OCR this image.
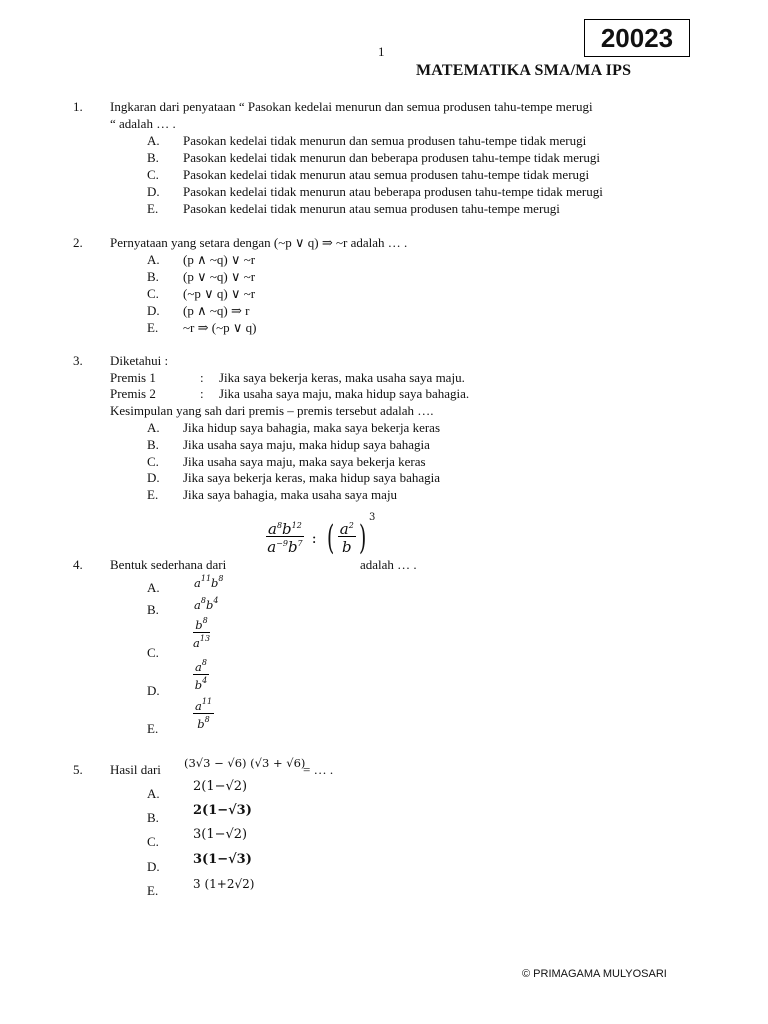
1	20023
MATEMATIKA SMA/MA IPS
1. Ingkaran dari penyataan “ Pasokan kedelai menurun dan semua produsen tahu-tempe merugi
“ adalah … .
A. Pasokan kedelai tidak menurun dan semua produsen tahu-tempe tidak merugi
B. Pasokan kedelai tidak menurun dan beberapa produsen tahu-tempe tidak merugi
C. Pasokan kedelai tidak menurun atau semua produsen tahu-tempe tidak merugi
D. Pasokan kedelai tidak menurun atau beberapa produsen tahu-tempe tidak merugi
E. Pasokan kedelai tidak menurun atau semua produsen tahu-tempe merugi
2. Pernyataan yang setara dengan (~p ∨ q) ⇒ ~r adalah … .
A. (p ∧ ~q) ∨ ~r
B. (p ∨ ~q) ∨ ~r
C. (~p ∨ q) ∨ ~r
D. (p ∧ ~q) ⇒ r
E. ~r ⇒ (~p ∨ q)
3. Diketahui :
Premis 1	: Jika saya bekerja keras, maka usaha saya maju.
Premis 2	: Jika usaha saya maju, maka hidup saya bahagia.
Kesimpulan yang sah dari premis – premis tersebut adalah ….
A. Jika hidup saya bahagia, maka saya bekerja keras
B. Jika usaha saya maju, maka hidup saya bahagia
C. Jika usaha saya maju, maka saya bekerja keras
D. Jika saya bekerja keras, maka hidup saya bahagia
E. Jika saya bahagia, maka usaha saya maju
4. Bentuk sederhana dari
$\frac{a^8b^{12}}{a^{-9}b^7}$ : ( $\frac{a^2}{b} )^3$
adalah … .
A.	$a^{11}b^8$
B.	$a^8b^4$
C.
$\frac{b^8}{a^{13}}$
D.	$\frac{a^8}{b^4}$
E.	$\frac{a^{11}}{b^8}$
5. Hasil dari (3√3 − √6) (√3 + √6)
= … .
A.	2(1−√2)
B.	2(1−√3)
C.	3(1−√2)
D.	3(1−√3)
E.	3 (1+2√2)
© PRIMAGAMA MULYOSARI
